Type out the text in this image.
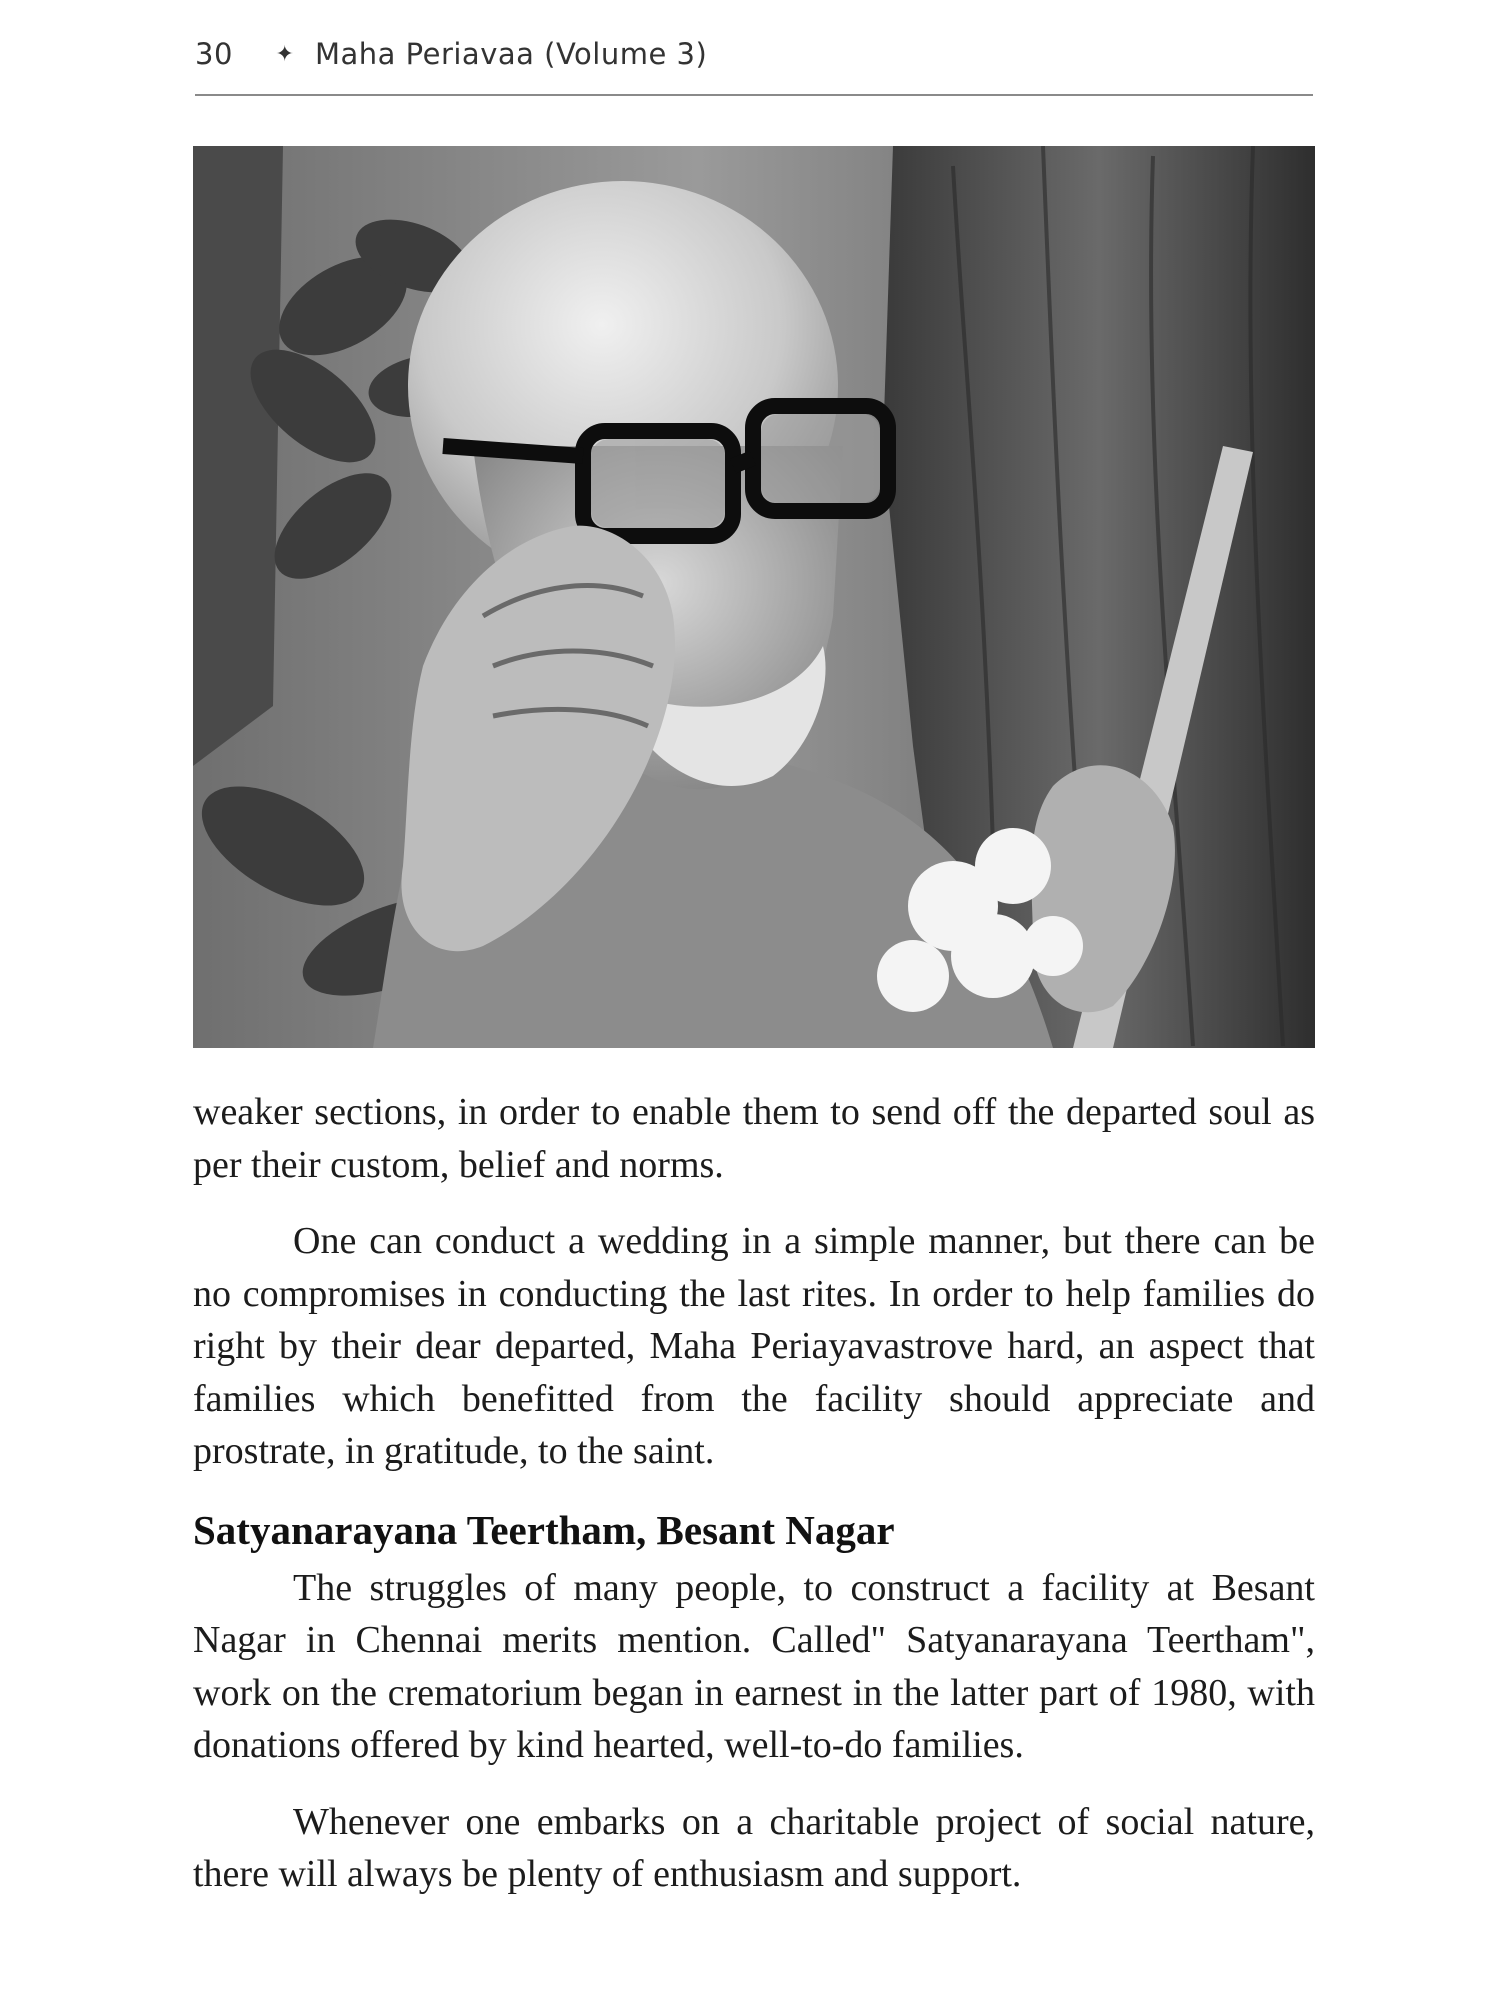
30	✦ Maha Periavaa (Volume 3)

weaker sections, in order to enable them to send off the departed soul as per their custom, belief and norms.

One can conduct a wedding in a simple manner, but there can be no compromises in conducting the last rites. In order to help families do right by their dear departed, Maha Periayavastrove hard, an aspect that families which benefitted from the facility should appreciate and prostrate, in gratitude, to the saint.

Satyanarayana Teertham, Besant Nagar

The struggles of many people, to construct a facility at Besant Nagar in Chennai merits mention. Called" Satyanarayana Teertham", work on the crematorium began in earnest in the latter part of 1980, with donations offered by kind hearted, well-to-do families.

Whenever one embarks on a charitable project of social nature, there will always be plenty of enthusiasm and support.
